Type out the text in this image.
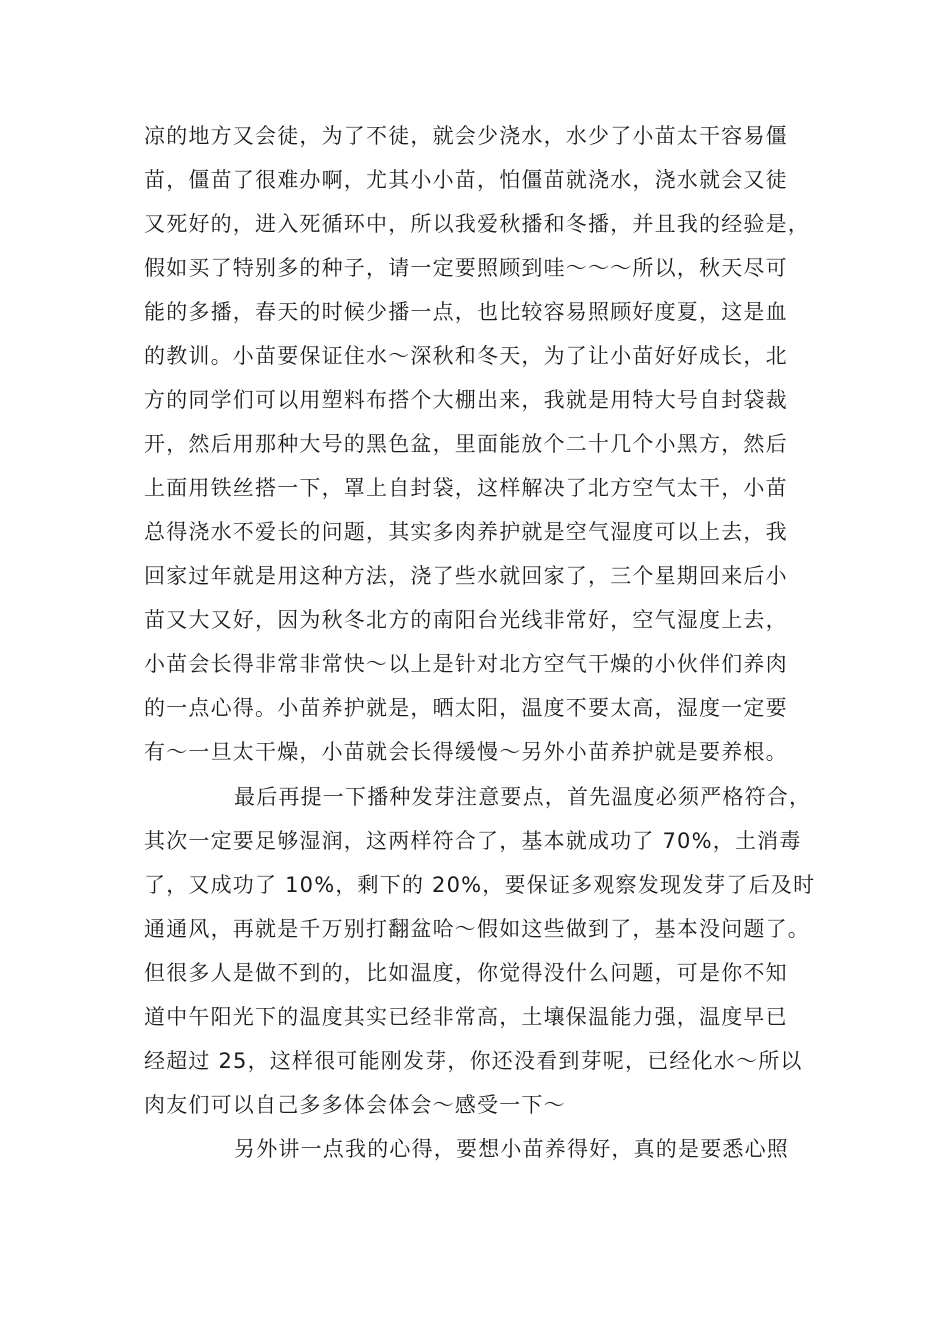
凉的地方又会徒，为了不徒，就会少浇水，水少了小苗太干容易僵
苗，僵苗了很难办啊，尤其小小苗，怕僵苗就浇水，浇水就会又徒
又死好的，进入死循环中，所以我爱秋播和冬播，并且我的经验是，
假如买了特别多的种子，请一定要照顾到哇～～～所以，秋天尽可
能的多播，春天的时候少播一点，也比较容易照顾好度夏，这是血
的教训。小苗要保证住水～深秋和冬天，为了让小苗好好成长，北
方的同学们可以用塑料布搭个大棚出来，我就是用特大号自封袋裁
开，然后用那种大号的黑色盆，里面能放个二十几个小黑方，然后
上面用铁丝搭一下，罩上自封袋，这样解决了北方空气太干，小苗
总得浇水不爱长的问题，其实多肉养护就是空气湿度可以上去，我
回家过年就是用这种方法，浇了些水就回家了，三个星期回来后小
苗又大又好，因为秋冬北方的南阳台光线非常好，空气湿度上去，
小苗会长得非常非常快～以上是针对北方空气干燥的小伙伴们养肉
的一点心得。小苗养护就是，晒太阳，温度不要太高，湿度一定要
有～一旦太干燥，小苗就会长得缓慢～另外小苗养护就是要养根。
最后再提一下播种发芽注意要点，首先温度必须严格符合，
其次一定要足够湿润，这两样符合了，基本就成功了 70%，土消毒
了，又成功了 10%，剩下的 20%，要保证多观察发现发芽了后及时
通通风，再就是千万别打翻盆哈～假如这些做到了，基本没问题了。
但很多人是做不到的，比如温度，你觉得没什么问题，可是你不知
道中午阳光下的温度其实已经非常高，土壤保温能力强，温度早已
经超过 25，这样很可能刚发芽，你还没看到芽呢，已经化水～所以
肉友们可以自己多多体会体会～感受一下～
另外讲一点我的心得，要想小苗养得好，真的是要悉心照
